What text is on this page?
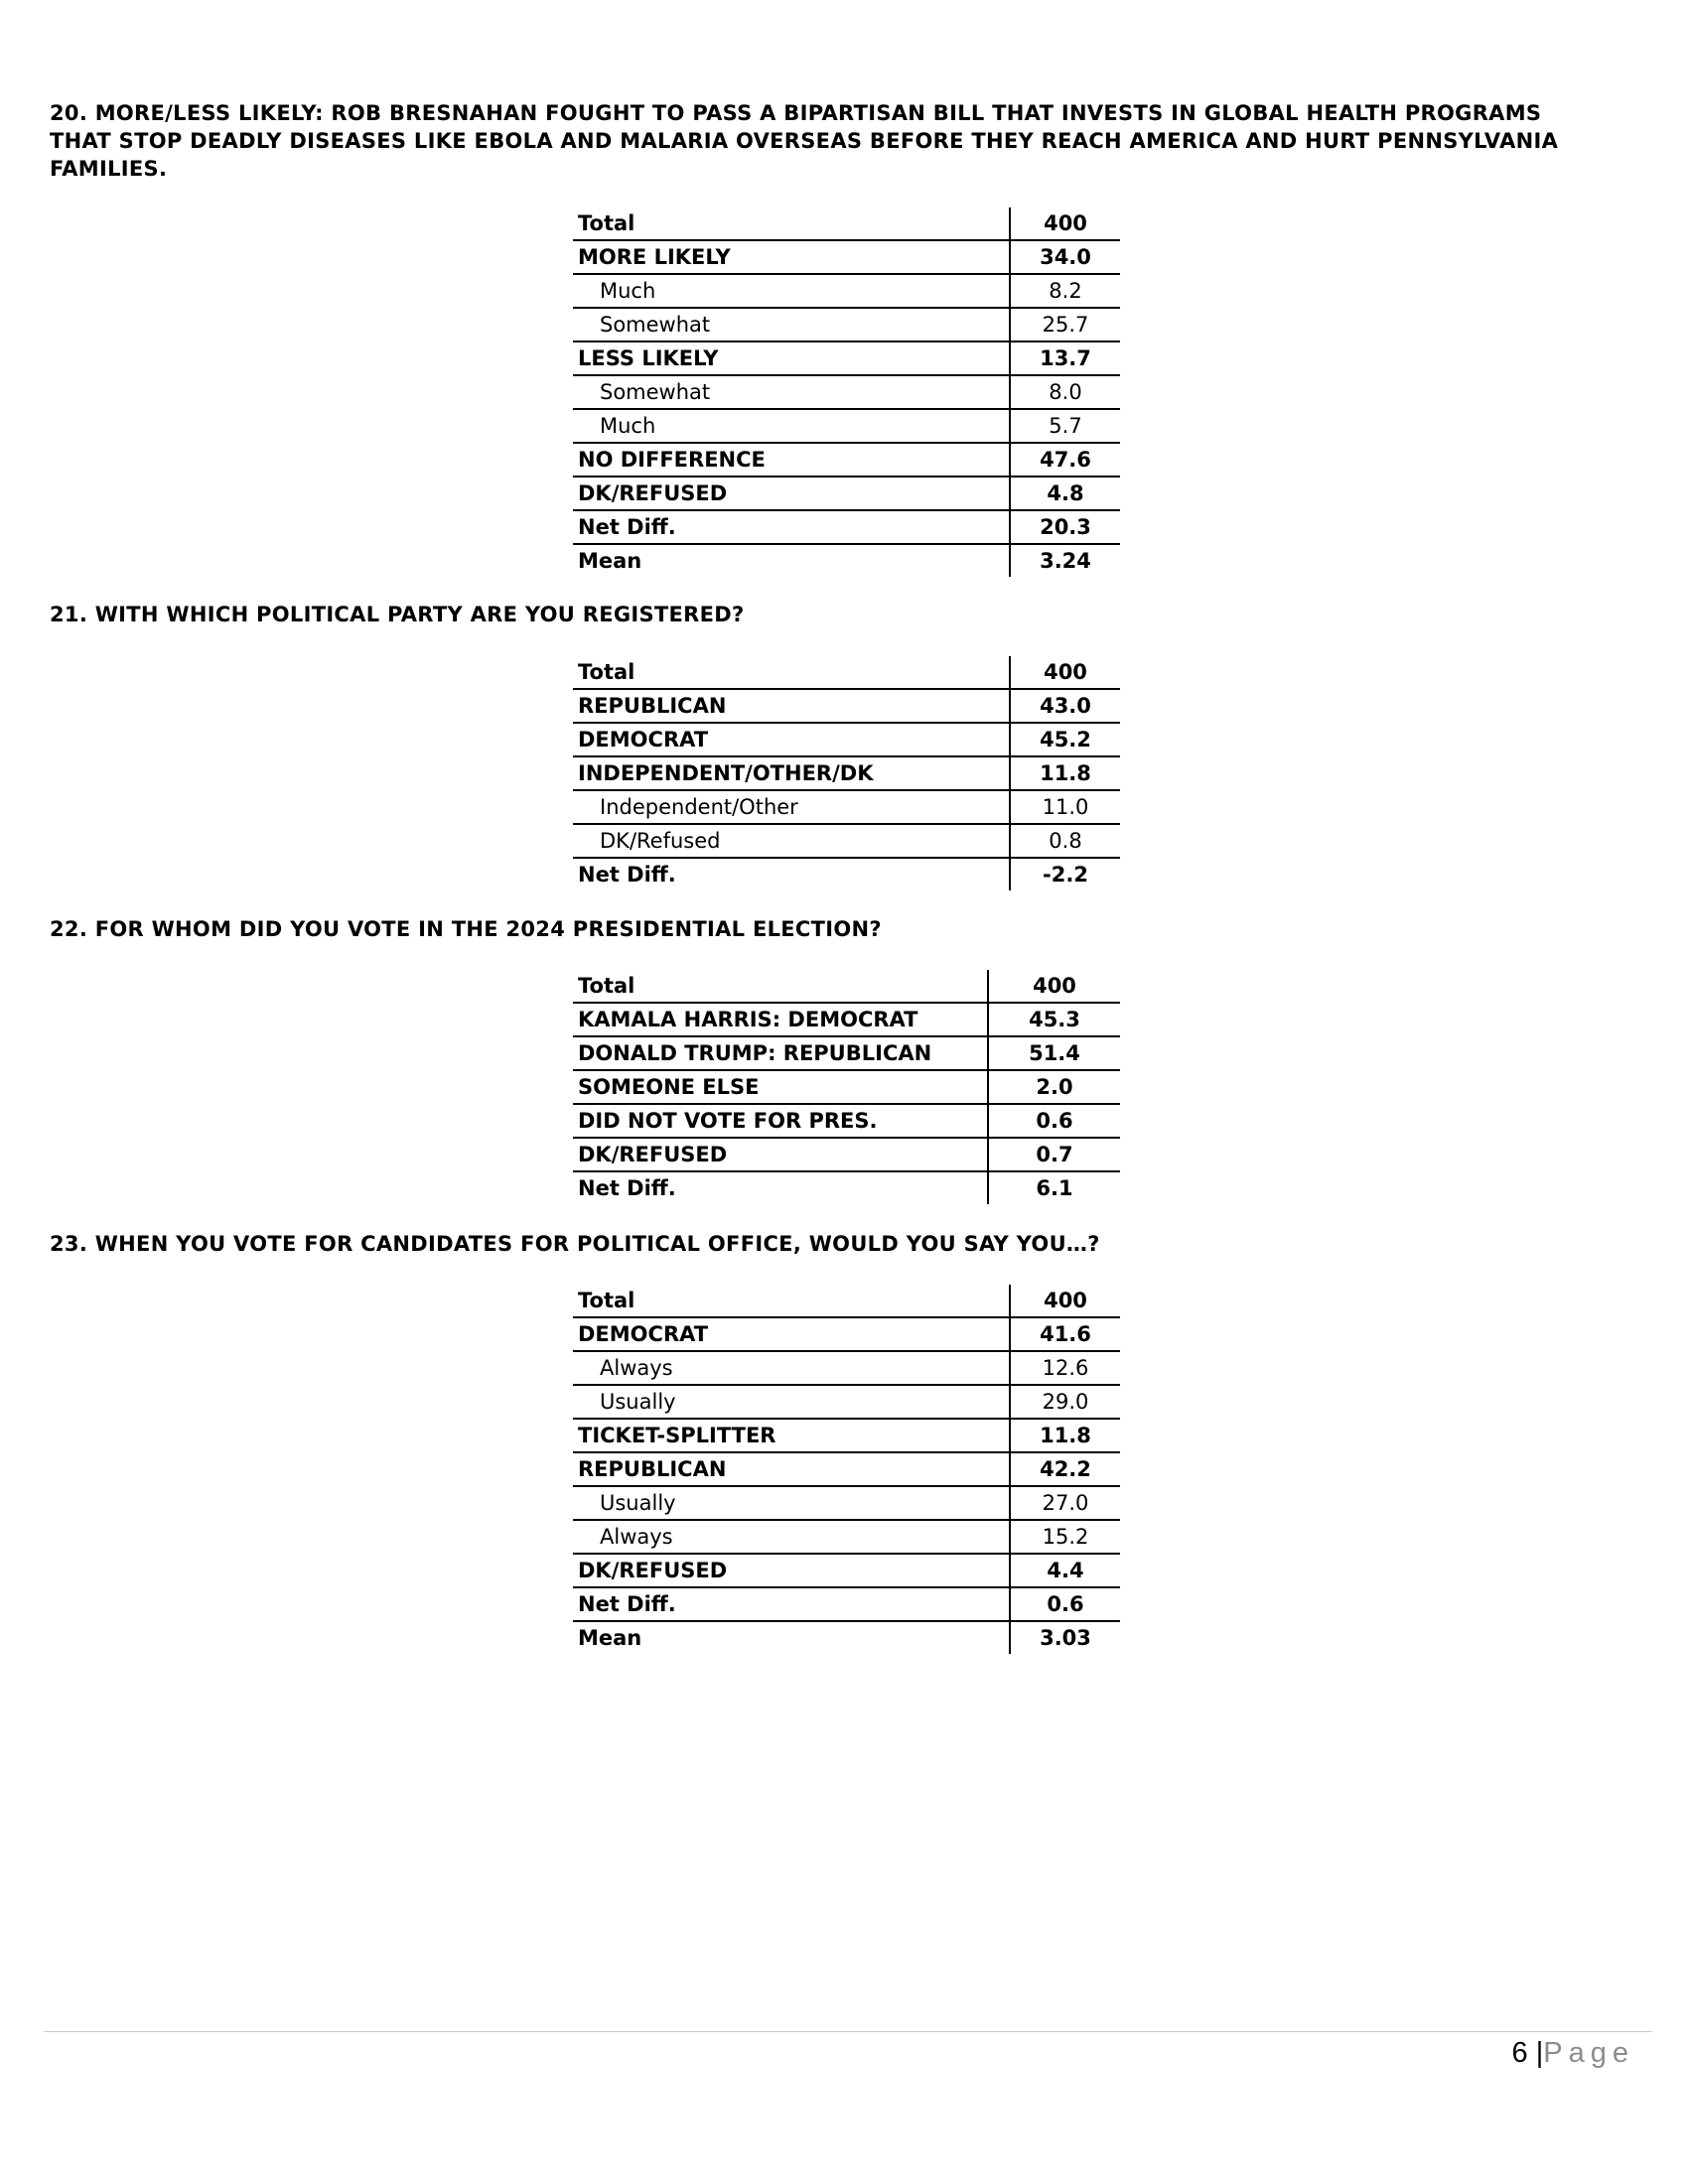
20. MORE/LESS LIKELY: ROB BRESNAHAN FOUGHT TO PASS A BIPARTISAN BILL THAT INVESTS IN GLOBAL HEALTH PROGRAMS THAT STOP DEADLY DISEASES LIKE EBOLA AND MALARIA OVERSEAS BEFORE THEY REACH AMERICA AND HURT PENNSYLVANIA FAMILIES.

Total	400
MORE LIKELY	34.0
Much	8.2
Somewhat	25.7
LESS LIKELY	13.7
Somewhat	8.0
Much	5.7
NO DIFFERENCE	47.6
DK/REFUSED	4.8
Net Diff.	20.3
Mean	3.24

21. WITH WHICH POLITICAL PARTY ARE YOU REGISTERED?

Total	400
REPUBLICAN	43.0
DEMOCRAT	45.2
INDEPENDENT/OTHER/DK	11.8
Independent/Other	11.0
DK/Refused	0.8
Net Diff.	-2.2

22. FOR WHOM DID YOU VOTE IN THE 2024 PRESIDENTIAL ELECTION?

Total	400
KAMALA HARRIS: DEMOCRAT	45.3
DONALD TRUMP: REPUBLICAN	51.4
SOMEONE ELSE	2.0
DID NOT VOTE FOR PRES.	0.6
DK/REFUSED	0.7
Net Diff.	6.1

23. WHEN YOU VOTE FOR CANDIDATES FOR POLITICAL OFFICE, WOULD YOU SAY YOU…?

Total	400
DEMOCRAT	41.6
Always	12.6
Usually	29.0
TICKET-SPLITTER	11.8
REPUBLICAN	42.2
Usually	27.0
Always	15.2
DK/REFUSED	4.4
Net Diff.	0.6
Mean	3.03
6 |Page
